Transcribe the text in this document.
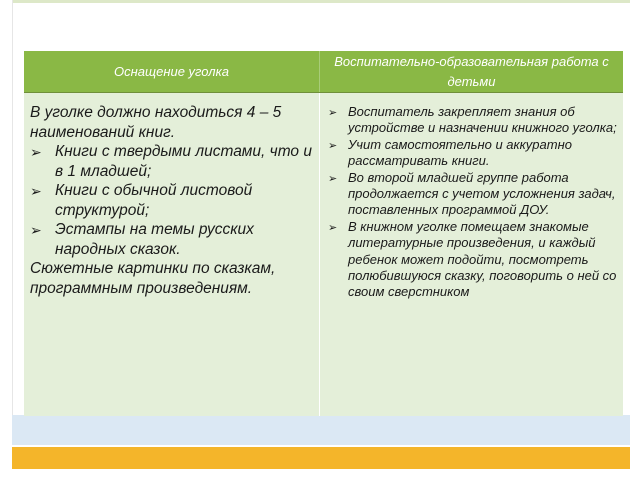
Оснащение уголка
Воспитательно-образовательная работа с детьми

В уголке должно находиться 4 – 5 наименований книг.

➢ Книги с твердыми листами, что и в 1 младшей;
➢ Книги с обычной листовой структурой;
➢ Эстампы на темы русских народных сказок.

Сюжетные картинки по сказкам, программным произведениям.

➢ Воспитатель закрепляет знания об устройстве и назначении книжного уголка;
➢ Учит самостоятельно и аккуратно рассматривать книги.
➢ Во второй младшей группе работа продолжается с учетом усложнения задач, поставленных программой ДОУ.
➢ В книжном уголке помещаем знакомые литературные произведения, и каждый ребенок может подойти, посмотреть полюбившуюся сказку, поговорить о ней со своим сверстником
